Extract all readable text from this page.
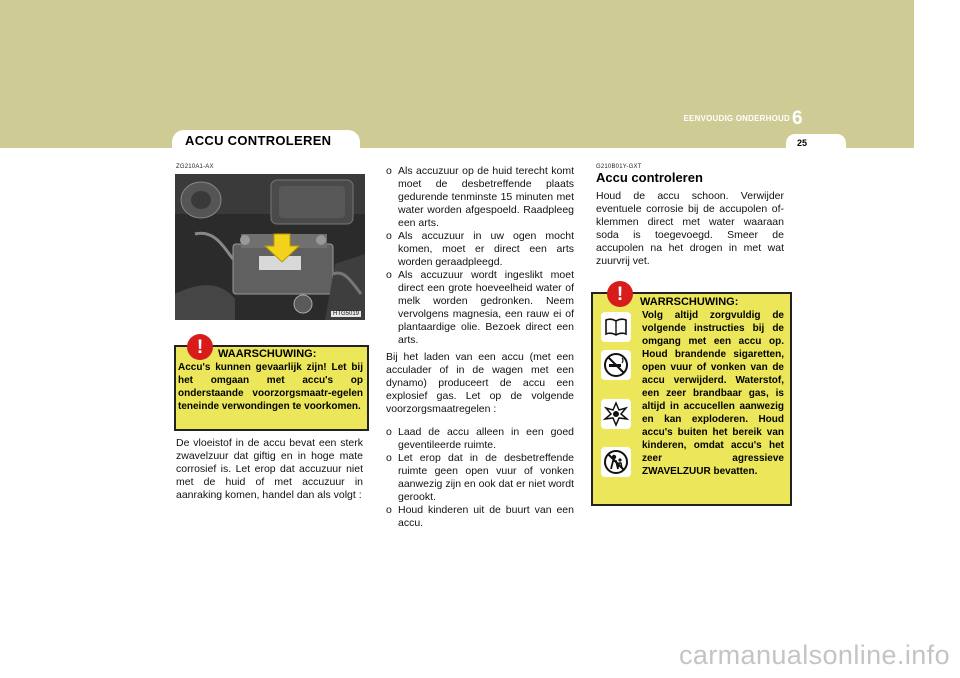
EENVOUDIG ONDERHOUD 6
ACCU CONTROLEREN	25
ZG210A1-AX
HTG5019
!	WAARSCHUWING:
Accu's kunnen gevaarlijk zijn! Let bij het omgaan met accu's op onderstaande voorzorgsmaatr-egelen teneinde verwondingen te voorkomen.

De vloeistof in de accu bevat een sterk zwavelzuur dat giftig en in hoge mate corrosief is. Let erop dat accuzuur niet met de huid of met accuzuur in aanraking komen, handel dan als volgt :

o Als accuzuur op de huid terecht komt moet de desbetreffende plaats gedurende tenminste 15 minuten met water worden afgespoeld. Raadpleeg een arts.
o Als accuzuur in uw ogen mocht komen, moet er direct een arts worden geraadpleegd.
o Als accuzuur wordt ingeslikt moet direct een grote hoeveelheid water of melk worden gedronken. Neem vervolgens magnesia, een rauw ei of plantaardige olie. Bezoek direct een arts.

Bij het laden van een accu (met een acculader of in de wagen met een dynamo) produceert de accu een explosief gas. Let op de volgende voorzorgsmaatregelen :

o Laad de accu alleen in een goed geventileerde ruimte.
o Let erop dat in de desbetreffende ruimte geen open vuur of vonken aanwezig zijn en ook dat er niet wordt gerookt.
o Houd kinderen uit de buurt van een accu.
G210B01Y-GXT
Accu controleren

Houd de accu schoon. Verwijder eventuele corrosie bij de accupolen of-klemmen direct met water waaraan soda is toegevoegd. Smeer de accupolen na het drogen in met wat zuurvrij vet.

!	WARRSCHUWING:
Volg altijd zorgvuldig de volgende instructies bij de omgang met een accu op. Houd brandende sigaretten, open vuur of vonken van de accu verwijderd. Waterstof, een zeer brandbaar gas, is altijd in accucellen aanwezig en kan exploderen. Houd accu's buiten het bereik van kinderen, omdat accu's het zeer agressieve ZWAVELZUUR bevatten.
carmanualsonline.info
